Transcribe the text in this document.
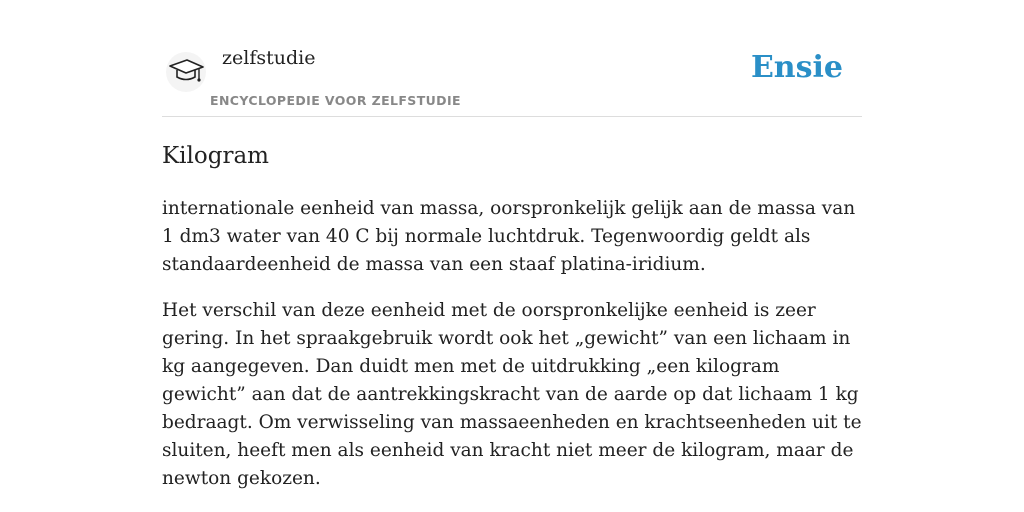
zelfstudie
ENCYCLOPEDIE VOOR ZELFSTUDIE
Ensie
Kilogram

internationale eenheid van massa, oorspronkelijk gelijk aan de massa van 1 dm3 water van 40 C bij normale luchtdruk. Tegenwoordig geldt als standaardeenheid de massa van een staaf platina-iridium.

Het verschil van deze eenheid met de oorspronkelijke eenheid is zeer gering. In het spraakgebruik wordt ook het „gewicht” van een lichaam in kg aangegeven. Dan duidt men met de uitdrukking „een kilogram gewicht” aan dat de aantrekkingskracht van de aarde op dat lichaam 1 kg bedraagt. Om verwisseling van massaeenheden en krachtseenheden uit te sluiten, heeft men als eenheid van kracht niet meer de kilogram, maar de newton gekozen.
